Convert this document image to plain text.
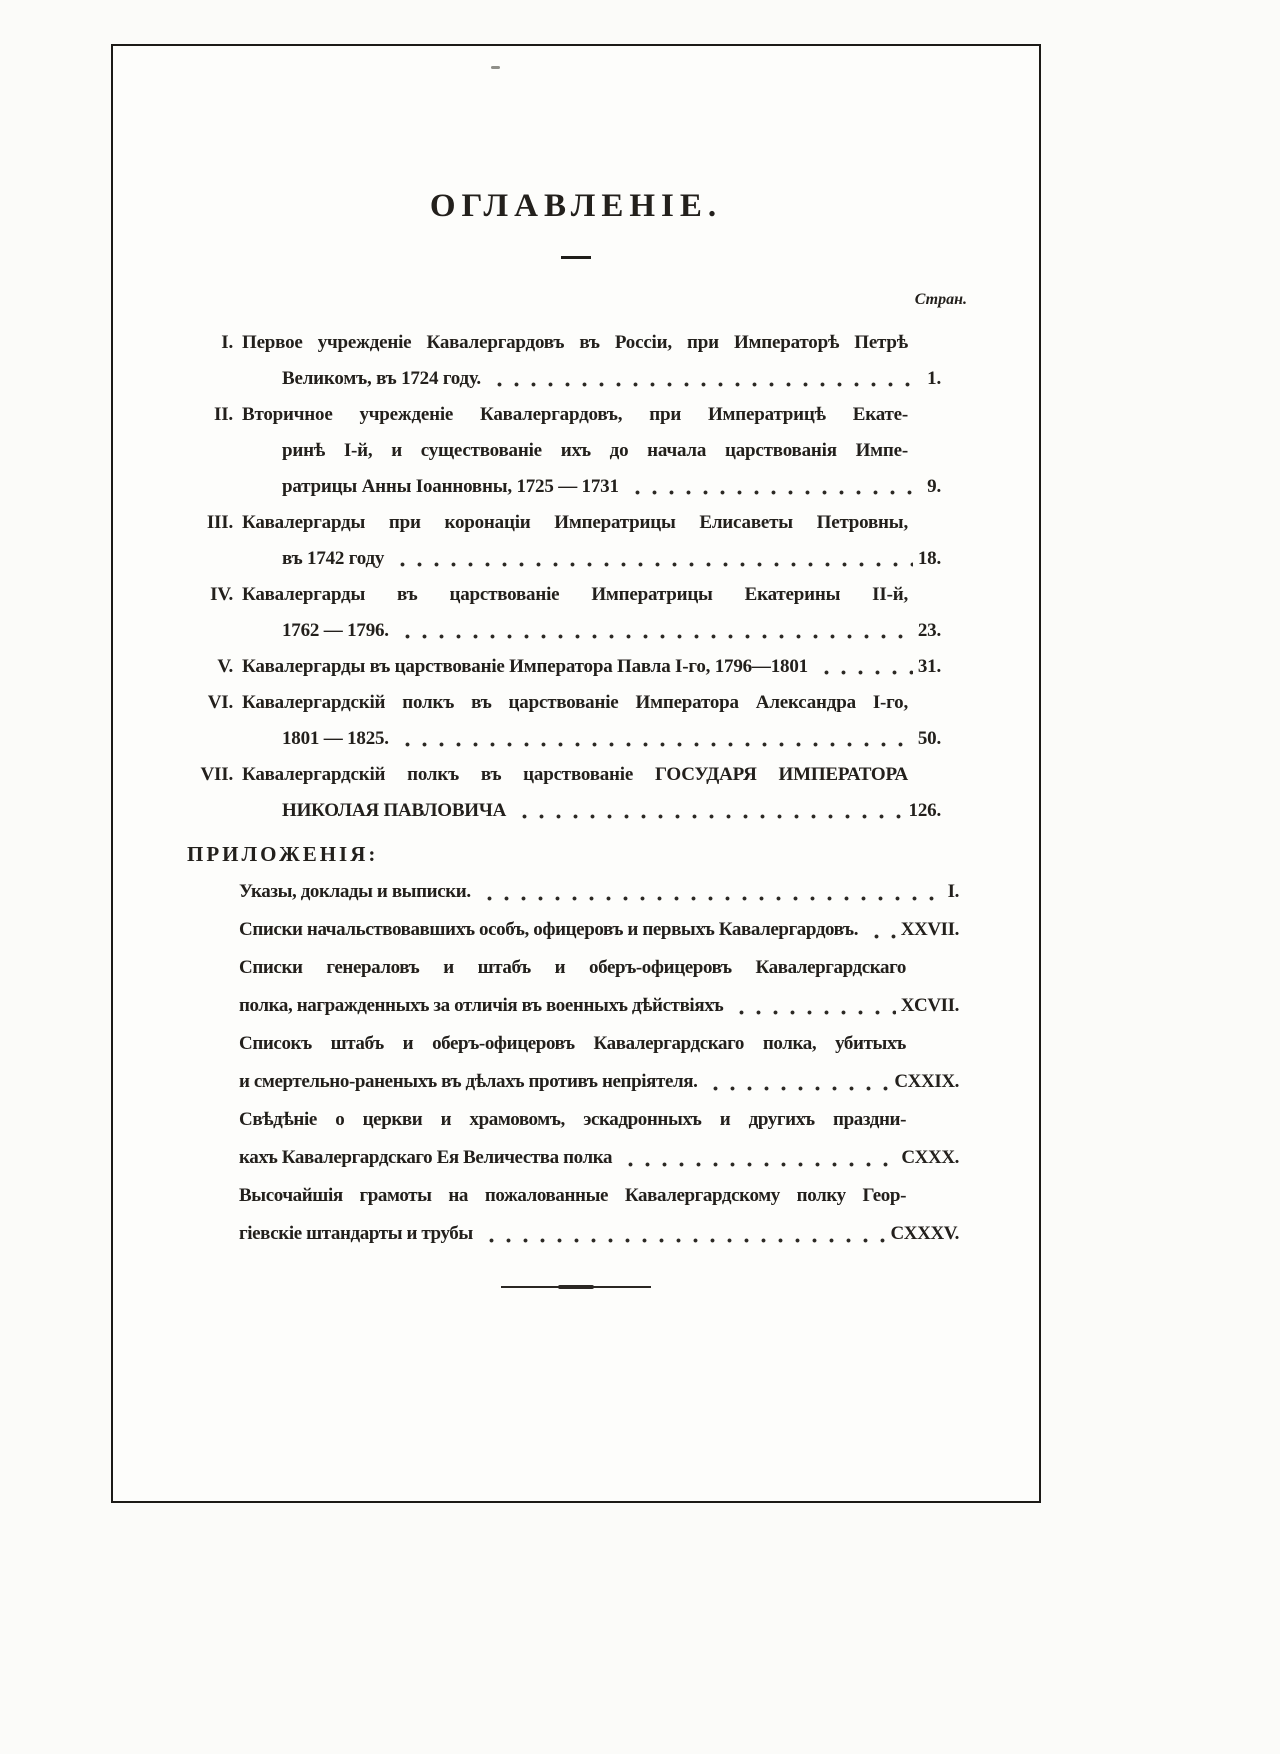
ОГЛАВЛЕНІЕ.
Стран.
I. Первое учрежденіе Кавалергардовъ въ Россіи, при Императорѣ Петрѣ
Великомъ, въ 1724 году.	1.
II. Вторичное учрежденіе Кавалергардовъ, при Императрицѣ Екате-
ринѣ I-й, и существованіе ихъ до начала царствованія Импе-
ратрицы Анны Іоанновны, 1725 — 1731	9.
III. Кавалергарды при коронаціи Императрицы Елисаветы Петровны,
въ 1742 году	18.
IV. Кавалергарды въ царствованіе Императрицы Екатерины II-й,
1762 — 1796.	23.
V. Кавалергарды въ царствованіе Императора Павла I-го, 1796—1801	31.
VI. Кавалергардскій полкъ въ царствованіе Императора Александра I-го,
1801 — 1825.	50.
VII. Кавалергардскій полкъ въ царствованіе ГОСУДАРЯ ИМПЕРАТОРА
НИКОЛАЯ ПАВЛОВИЧА	126.
ПРИЛОЖЕНІЯ:
Указы, доклады и выписки.	I.
Списки начальствовавшихъ особъ, офицеровъ и первыхъ Кавалергардовъ. XXVII.
Списки генераловъ и штабъ и оберъ-офицеровъ Кавалергардскаго
полка, награжденныхъ за отличія въ военныхъ дѣйствіяхъ	XCVII.
Списокъ штабъ и оберъ-офицеровъ Кавалергардскаго полка, убитыхъ
и смертельно-раненыхъ въ дѣлахъ противъ непріятеля.	CXXIX.
Свѣдѣніе о церкви и храмовомъ, эскадронныхъ и другихъ праздни-
кахъ Кавалергардскаго Ея Величества полка	CXXX.
Высочайшія грамоты на пожалованные Кавалергардскому полку Геор-
гіевскіе штандарты и трубы	CXXXV.
